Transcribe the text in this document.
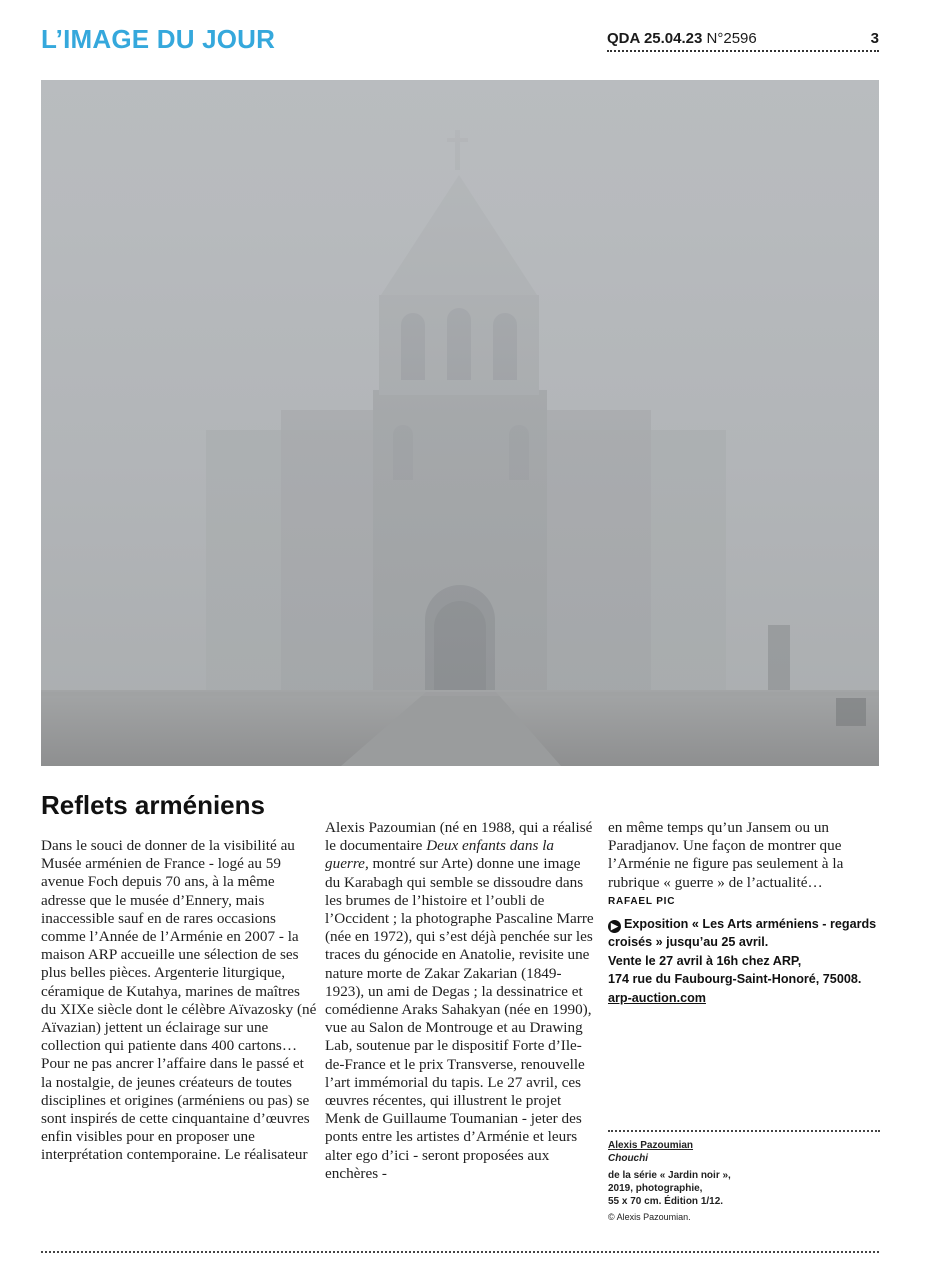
L’IMAGE DU JOUR	QDA 25.04.23 N°2596	3
Reflets arméniens

Dans le souci de donner de la visibilité au Musée arménien de France - logé au 59 avenue Foch depuis 70 ans, à la même adresse que le musée d’Ennery, mais inaccessible sauf en de rares occasions comme l’Année de l’Arménie en 2007 - la maison ARP accueille une sélection de ses plus belles pièces. Argenterie liturgique, céramique de Kutahya, marines de maîtres du XIXe siècle dont le célèbre Aïvazosky (né Aïvazian) jettent un éclairage sur une collection qui patiente dans 400 cartons… Pour ne pas ancrer l’affaire dans le passé et la nostalgie, de jeunes créateurs de toutes disciplines et origines (arméniens ou pas) se sont inspirés de cette cinquantaine d’œuvres enfin visibles pour en proposer une interprétation contemporaine. Le réalisateur

Alexis Pazoumian (né en 1988, qui a réalisé le documentaire Deux enfants dans la guerre, montré sur Arte) donne une image du Karabagh qui semble se dissoudre dans les brumes de l’histoire et l’oubli de l’Occident ; la photographe Pascaline Marre (née en 1972), qui s’est déjà penchée sur les traces du génocide en Anatolie, revisite une nature morte de Zakar Zakarian (1849-1923), un ami de Degas ; la dessinatrice et comédienne Araks Sahakyan (née en 1990), vue au Salon de Montrouge et au Drawing Lab, soutenue par le dispositif Forte d’Ile-de-France et le prix Transverse, renouvelle l’art immémorial du tapis. Le 27 avril, ces œuvres récentes, qui illustrent le projet Menk de Guillaume Toumanian - jeter des ponts entre les artistes d’Arménie et leurs alter ego d’ici - seront proposées aux enchères -

en même temps qu’un Jansem ou un Paradjanov. Une façon de montrer que l’Arménie ne figure pas seulement à la rubrique « guerre » de l’actualité…

RAFAEL PIC

▶ Exposition « Les Arts arméniens - regards croisés » jusqu’au 25 avril.
Vente le 27 avril à 16h chez ARP,
174 rue du Faubourg-Saint-Honoré, 75008.
arp-auction.com
Alexis Pazoumian
Chouchi
de la série « Jardin noir »,
2019, photographie,
55 x 70 cm. Édition 1/12.
© Alexis Pazoumian.
